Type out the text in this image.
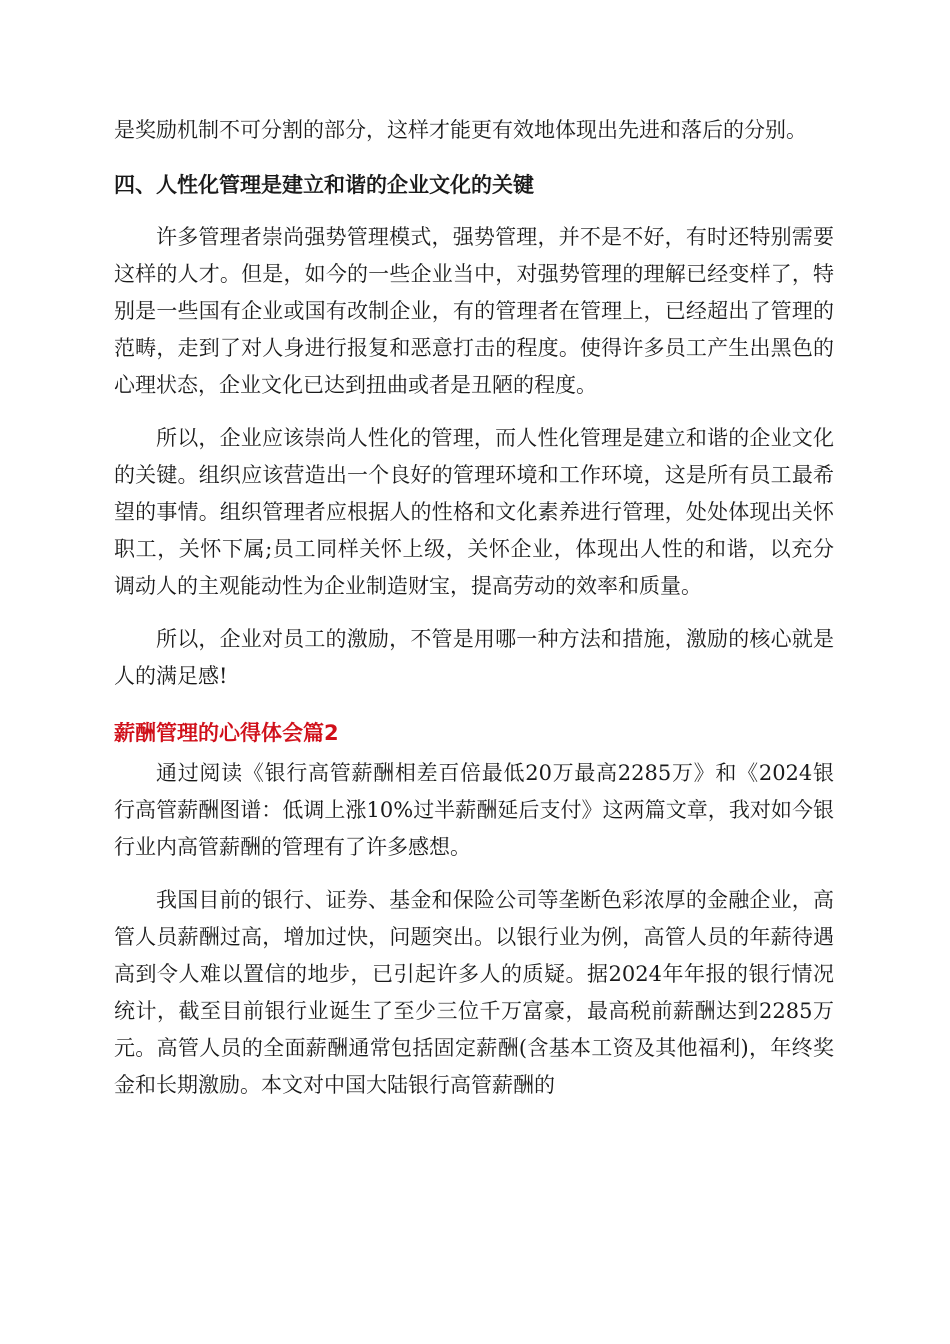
是奖励机制不可分割的部分，这样才能更有效地体现出先进和落后的分别。

四、人性化管理是建立和谐的企业文化的关键

许多管理者崇尚强势管理模式，强势管理，并不是不好，有时还特别需要这样的人才。但是，如今的一些企业当中，对强势管理的理解已经变样了，特别是一些国有企业或国有改制企业，有的管理者在管理上，已经超出了管理的范畴，走到了对人身进行报复和恶意打击的程度。使得许多员工产生出黑色的心理状态，企业文化已达到扭曲或者是丑陋的程度。

所以，企业应该崇尚人性化的管理，而人性化管理是建立和谐的企业文化的关键。组织应该营造出一个良好的管理环境和工作环境，这是所有员工最希望的事情。组织管理者应根据人的性格和文化素养进行管理，处处体现出关怀职工，关怀下属;员工同样关怀上级，关怀企业，体现出人性的和谐，以充分调动人的主观能动性为企业制造财宝，提高劳动的效率和质量。

所以，企业对员工的激励，不管是用哪一种方法和措施，激励的核心就是人的满足感!

薪酬管理的心得体会篇2

通过阅读《银行高管薪酬相差百倍最低20万最高2285万》和《2024银行高管薪酬图谱：低调上涨10%过半薪酬延后支付》这两篇文章，我对如今银行业内高管薪酬的管理有了许多感想。

我国目前的银行、证券、基金和保险公司等垄断色彩浓厚的金融企业，高管人员薪酬过高，增加过快，问题突出。以银行业为例，高管人员的年薪待遇高到令人难以置信的地步，已引起许多人的质疑。据2024年年报的银行情况统计，截至目前银行业诞生了至少三位千万富豪，最高税前薪酬达到2285万元。高管人员的全面薪酬通常包括固定薪酬(含基本工资及其他福利)，年终奖金和长期激励。本文对中国大陆银行高管薪酬的
